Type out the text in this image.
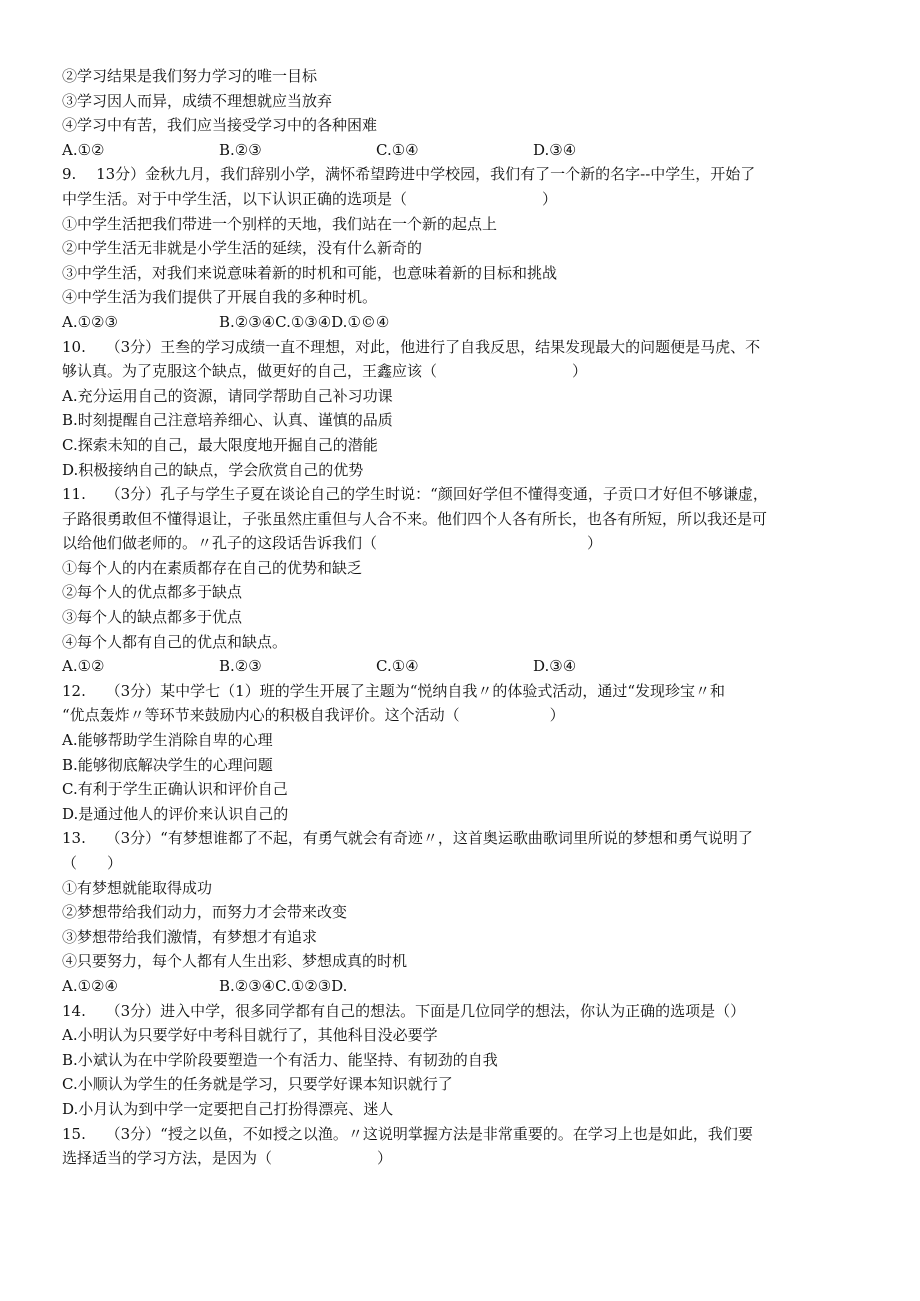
②学习结果是我们努力学习的唯一目标
③学习因人而异，成绩不理想就应当放弃
④学习中有苦，我们应当接受学习中的各种困难
A.①②	B.②③	C.①④	D.③④
9.　 13分）金秋九月，我们辞别小学，满怀希望跨进中学校园，我们有了一个新的名字--中学生，开始了
中学生活。对于中学生活，以下认识正确的选项是（　　　　　　　　　）
①中学生活把我们带进一个别样的天地，我们站在一个新的起点上
②中学生活无非就是小学生活的延续，没有什么新奇的
③中学生活，对我们来说意味着新的时机和可能，也意味着新的目标和挑战
④中学生活为我们提供了开展自我的多种时机。
A.①②③	B.②③④C.①③④D.①©④
10.　 （3分）王叁的学习成绩一直不理想，对此，他进行了自我反思，结果发现最大的问题便是马虎、不
够认真。为了克服这个缺点，做更好的自己，王鑫应该（　　　　　　　　　）
A.充分运用自己的资源，请同学帮助自己补习功课
B.时刻提醒自己注意培养细心、认真、谨慎的品质
C.探索未知的自己，最大限度地开掘自己的潜能
D.积极接纳自己的缺点，学会欣赏自己的优势
11.　 （3分）孔子与学生子夏在谈论自己的学生时说：“颜回好学但不懂得变通，子贡口才好但不够谦虚，
子路很勇敢但不懂得退让，子张虽然庄重但与人合不来。他们四个人各有所长，也各有所短，所以我还是可
以给他们做老师的。〃孔子的这段话告诉我们（　　　　　　　　　　　　　　）
①每个人的内在素质都存在自己的优势和缺乏
②每个人的优点都多于缺点
③每个人的缺点都多于优点
④每个人都有自己的优点和缺点。
A.①②	B.②③	C.①④	D.③④
12.　 （3分）某中学七（1）班的学生开展了主题为“悦纳自我〃的体验式活动，通过“发现珍宝〃和
“优点轰炸〃等环节来鼓励内心的积极自我评价。这个活动（　　　　　　）
A.能够帮助学生消除自卑的心理
B.能够彻底解决学生的心理问题
C.有利于学生正确认识和评价自己
D.是通过他人的评价来认识自己的
13.　 （3分）“有梦想谁都了不起，有勇气就会有奇迹〃，这首奥运歌曲歌词里所说的梦想和勇气说明了
（　　）
①有梦想就能取得成功
②梦想带给我们动力，而努力才会带来改变
③梦想带给我们激情，有梦想才有追求
④只要努力，每个人都有人生出彩、梦想成真的时机
A.①②④	B.②③④C.①②③D.
14.　 （3分）进入中学，很多同学都有自己的想法。下面是几位同学的想法，你认为正确的选项是（）
A.小明认为只要学好中考科目就行了，其他科目没必要学
B.小斌认为在中学阶段要塑造一个有活力、能坚持、有韧劲的自我
C.小顺认为学生的任务就是学习，只要学好课本知识就行了
D.小月认为到中学一定要把自己打扮得漂亮、迷人
15.　 （3分）“授之以鱼，不如授之以渔。〃这说明掌握方法是非常重要的。在学习上也是如此，我们要
选择适当的学习方法，是因为（　　　　　　　）
